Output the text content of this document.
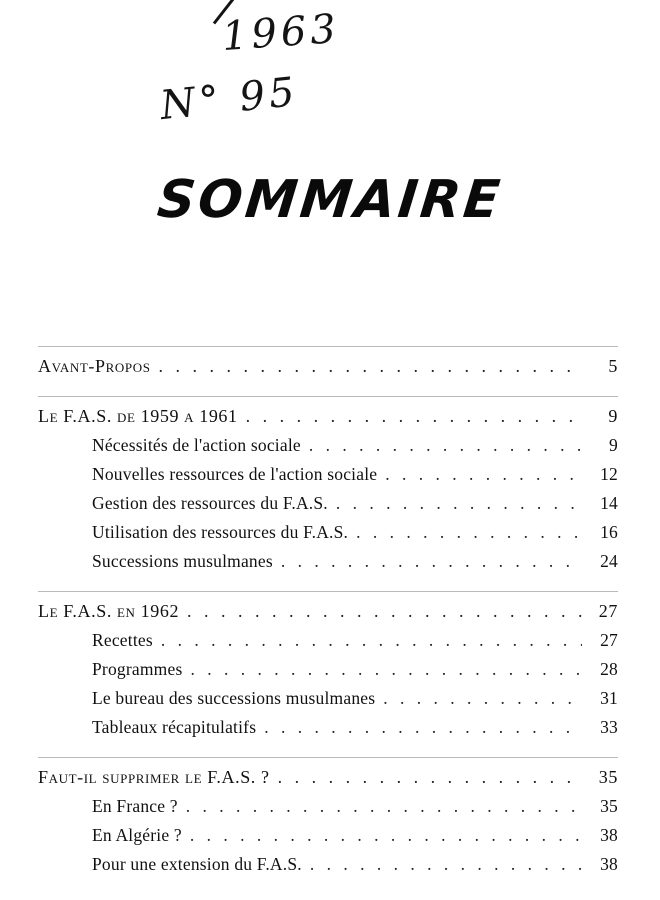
1963
N° 95
SOMMAIRE
Avant-Propos . . .	5
Le F.A.S. de 1959 a 1961 . . .	9
Nécessités de l'action sociale . . .	9
Nouvelles ressources de l'action sociale . . .	12
Gestion des ressources du F.A.S. . . .	14
Utilisation des ressources du F.A.S. . . .	16
Successions musulmanes . . .	24
Le F.A.S. en 1962 . . .	27
Recettes . . .	27
Programmes . . .	28
Le bureau des successions musulmanes . . .	31
Tableaux récapitulatifs . . .	33
Faut-il supprimer le F.A.S. ? . . .	35
En France ? . . .	35
En Algérie ? . . .	38
Pour une extension du F.A.S. . . .	38
